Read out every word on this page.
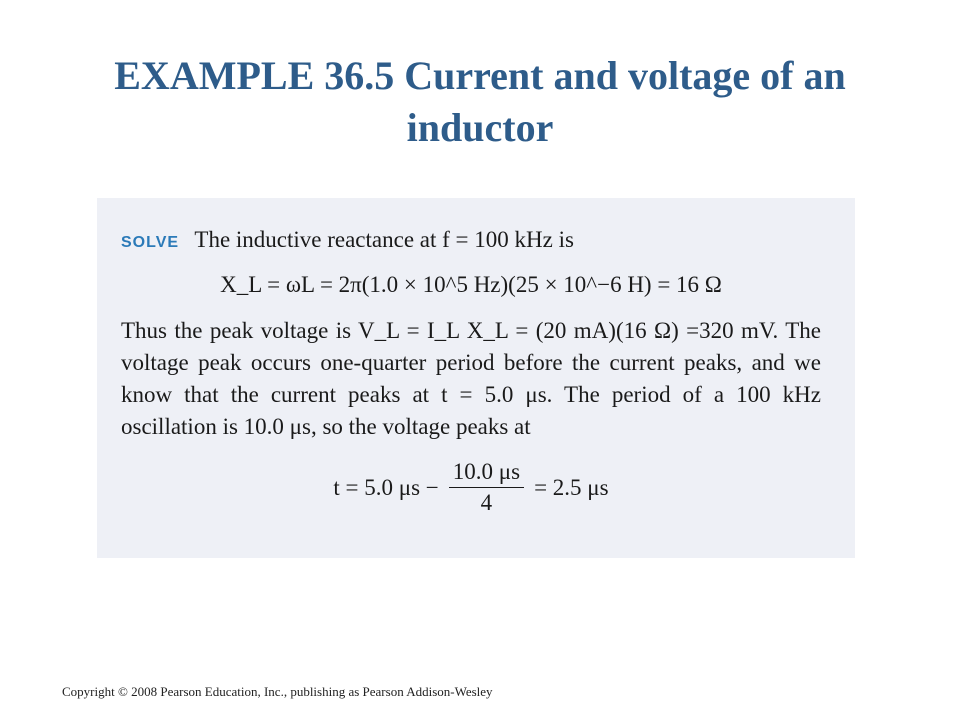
EXAMPLE 36.5 Current and voltage of an inductor
SOLVE The inductive reactance at f = 100 kHz is
X_L = ωL = 2π(1.0 × 10^5 Hz)(25 × 10^−6 H) = 16 Ω
Thus the peak voltage is V_L = I_L X_L = (20 mA)(16 Ω) =320 mV. The voltage peak occurs one-quarter period before the current peaks, and we know that the current peaks at t = 5.0 μs. The period of a 100 kHz oscillation is 10.0 μs, so the voltage peaks at
t = 5.0 $\mu s - \frac{10.0 \mu s}{4} = 2.5$ μs
Copyright © 2008 Pearson Education, Inc., publishing as Pearson Addison-Wesley
